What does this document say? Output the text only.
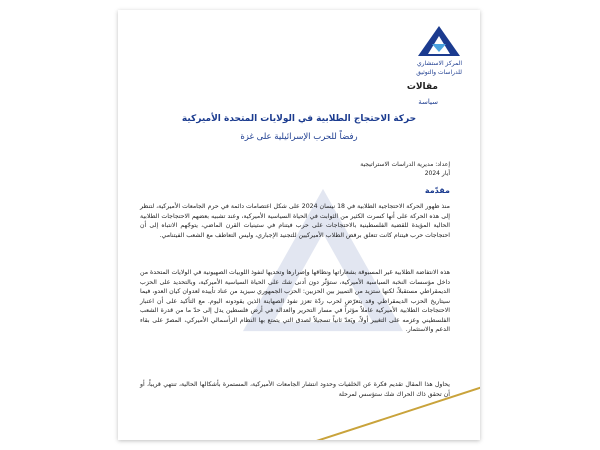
المركز الاستشاري
للدراسات والتوثيق
مقالات
سياسة
حركة الاحتجاج الطلابية في الولايات المتحدة الأميركية
رفضاً للحرب الإسرائيلية على غزة
إعداد: مديرية الدراسات الاستراتيجية
أيار 2024
مقدّمة
منذ ظهور الحركة الاحتجاجية الطلابية في 18 نيسان 2024 على شكل اعتصامات دائمة في حرم الجامعات الأميركية، لتنظر إلى هذه الحركة على أنها كسرت الكثير من الثوابت في الحياة السياسية الأميركية، وعند تشبيه بعضهم الاحتجاجات الطلابية الحالية المؤيدة للقضية الفلسطينية بالاحتجاجات على حرب فيتنام في ستينيات القرن الماضي، يتوجّهم الانتباه إلى أن احتجاجات حرب فيتنام كانت تتعلق برفض الطلاب الأميركيين للتجنيد الإجباري، وليس التعاطف مع الشعب الفيتنامي.
هذه الانتفاضة الطلابية غير المسبوقة بشعاراتها ونطاقها وإصرارها وتحديها لنفوذ اللوبيات الصهيونية في الولايات المتحدة من داخل مؤسسات النخبة السياسية الأميركية، ستؤثّر دون أدنى شك على الحياة السياسية الأميركية، وبالتحديد على الحزب الديمقراطي مستقبلاً، لكنها ستزيد من التمييز بين الحزبين: الحزب الجمهوري سيزيد من عناد تأييده لعدوان كيان العدو، فيما سيتاريخ الحزب الديمقراطي وقد يتعرّض لحرب ردّة تعزز نفوذ الصهاينة الذين يقودونه اليوم. مع التأكيد على أن اعتبار الاحتجاجات الطلابية الأميركية عاملاً مؤثراً في مسار التحرير والعدالة في أرض فلسطين يدل إلى حدّ ما من قدرة الشعب الفلسطيني وعزمه على التغيير أولاً، ويَعدّ ثانياً تسجيلاً لصدق التي يتمتع بها النظام الرأسمالي الأميركي، المصرّ على بقاء الدعم والاستثمار.
يحاول هذا المقال تقديم فكرة عن الخلفيات وحدود انتشار الجامعات الأميركية، المستمرة بأشكالها الحالية، تنتهي قريباً، أو أن تحقق ذاك الحراك شك ستؤسس لمرحلة
